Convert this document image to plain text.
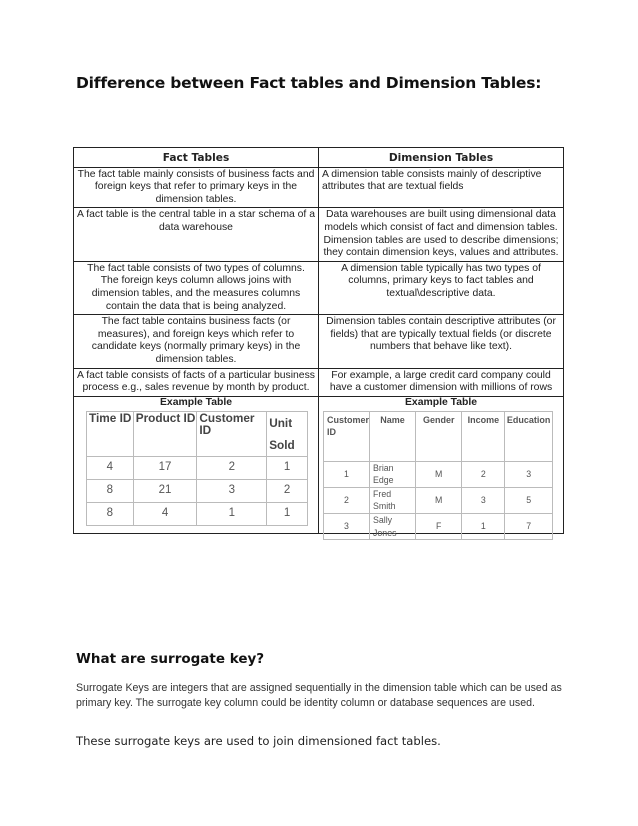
Difference between Fact tables and Dimension Tables:
Fact Tables	Dimension Tables
The fact table mainly consists of business facts and foreign keys that refer to primary keys in the dimension tables.	A dimension table consists mainly of descriptive attributes that are textual fields
A fact table is the central table in a star schema of a data warehouse	Data warehouses are built using dimensional data models which consist of fact and dimension tables. Dimension tables are used to describe dimensions; they contain dimension keys, values and attributes.
The fact table consists of two types of columns. The foreign keys column allows joins with dimension tables, and the measures columns contain the data that is being analyzed.	A dimension table typically has two types of columns, primary keys to fact tables and textual\descriptive data.
The fact table contains business facts (or measures), and foreign keys which refer to candidate keys (normally primary keys) in the dimension tables.	Dimension tables contain descriptive attributes (or fields) that are typically textual fields (or discrete numbers that behave like text).
A fact table consists of facts of a particular business process e.g., sales revenue by month by product.	For example, a large credit card company could have a customer dimension with millions of rows

Example Table
Time ID	Product ID	Customer ID	Unit Sold
4	17	2	1
8	21	3	2
8	4	1	1

Example Table
Customer ID	Name	Gender	Income	Education
1	Brian Edge	M	2	3
2	Fred Smith	M	3	5
3	Sally Jones	F	1	7
What are surrogate key?
Surrogate Keys are integers that are assigned sequentially in the dimension table which can be used as primary key. The surrogate key column could be identity column or database sequences are used.
These surrogate keys are used to join dimensioned fact tables.
